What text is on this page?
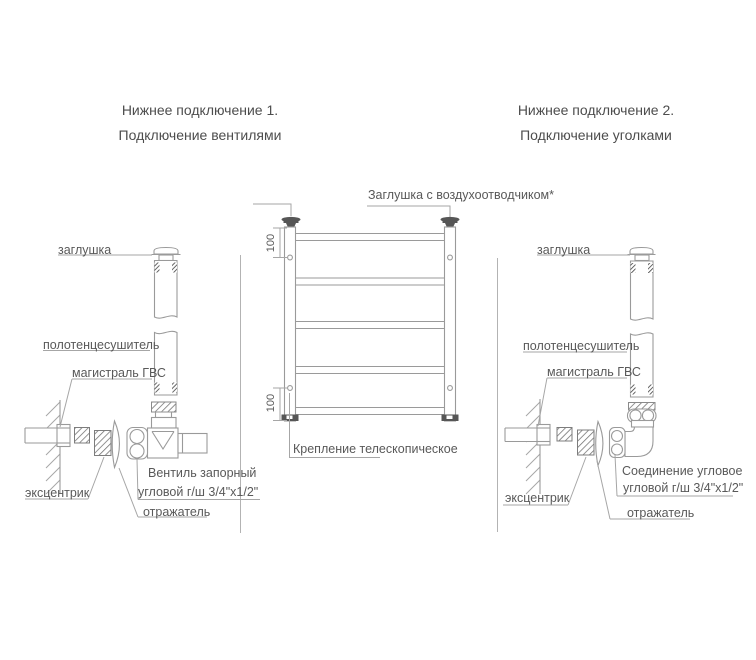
Нижнее подключение 1.
Подключение вентилями
Нижнее подключение 2.
Подключение уголками
Заглушка с воздухоотводчиком*
Крепление телескопическое
100
100
заглушка
полотенцесушитель
магистраль ГВС
эксцентрик
Вентиль запорный
угловой г/ш 3/4"x1/2"
отражатель
заглушка
полотенцесушитель
магистраль ГВС
эксцентрик
Соединение угловое
угловой г/ш 3/4"x1/2"
отражатель
